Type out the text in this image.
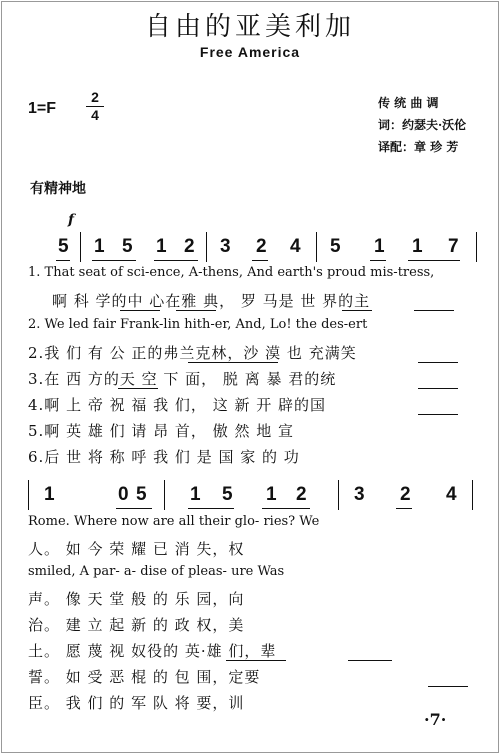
自由的亚美利加
Free America
1=F
2
4
传 统 曲 调
词：约瑟夫·沃伦
译配：章 珍 芳
有精神地
f
5 1 5 1 2 3 2 4 5 1 1 7
1. That seat of sci-ence, A-thens, And earth's proud mis-tress,
啊 科 学的中 心在雅 典， 罗 马是 世 界的主
2. We led fair Frank-lin hith-er, And, Lo! the des-ert
2.我 们 有 公 正的弗兰克林，沙 漠 也 充满笑
3.在 西 方的天 空 下 面， 脱 离 暴 君的统
4.啊 上 帝 祝 福 我 们， 这 新 开 辟的国
5.啊 英 雄 们 请 昂 首， 傲 然 地 宣
6.后 世 将 称 呼 我 们 是 国 家 的 功
1	0 5 1 5 1 2 3 2 4
Rome. Where now are all their glo- ries? We
人。 如 今 荣 耀 已 消 失，权
smiled, A par- a- dise of pleas- ure Was
声。 像 天 堂 般 的 乐 园，向
治。 建 立 起 新 的 政 权，美
土。 愿 蔑 视 奴役的 英·雄 们，辈
誓。 如 受 恶 棍 的 包 围，定要
臣。 我 们 的 军 队 将 要，训
·7·
